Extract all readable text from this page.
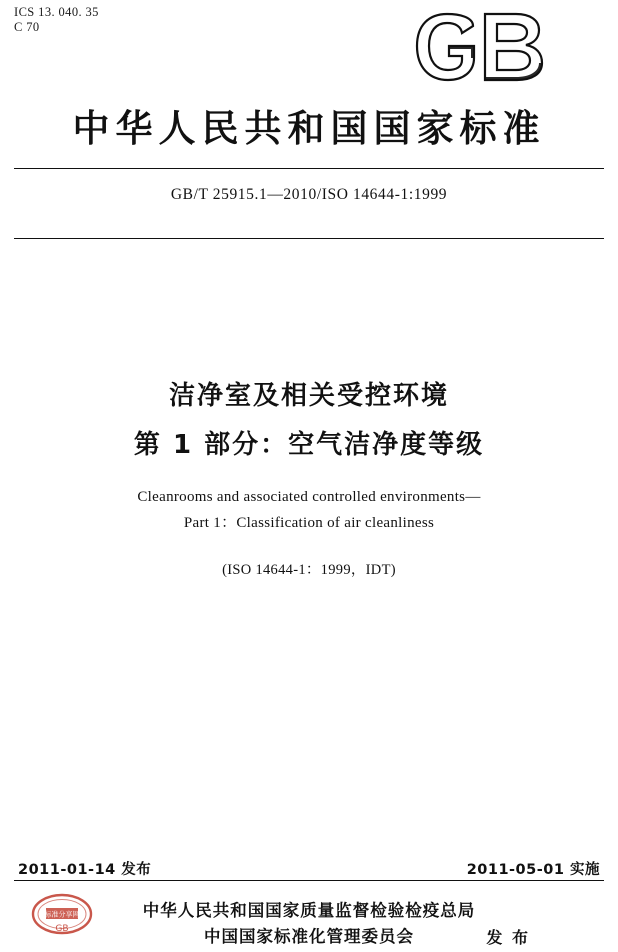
ICS 13. 040. 35
C 70
中华人民共和国国家标准
GB/T 25915.1—2010/ISO 14644-1:1999
洁净室及相关受控环境
第 1 部分：空气洁净度等级
Cleanrooms and associated controlled environments—
Part 1：Classification of air cleanliness
(ISO 14644-1：1999，IDT)
2011-01-14 发布	2011-05-01 实施
标准分享网
GB
中华人民共和国国家质量监督检验检疫总局
中国国家标准化管理委员会	发 布
